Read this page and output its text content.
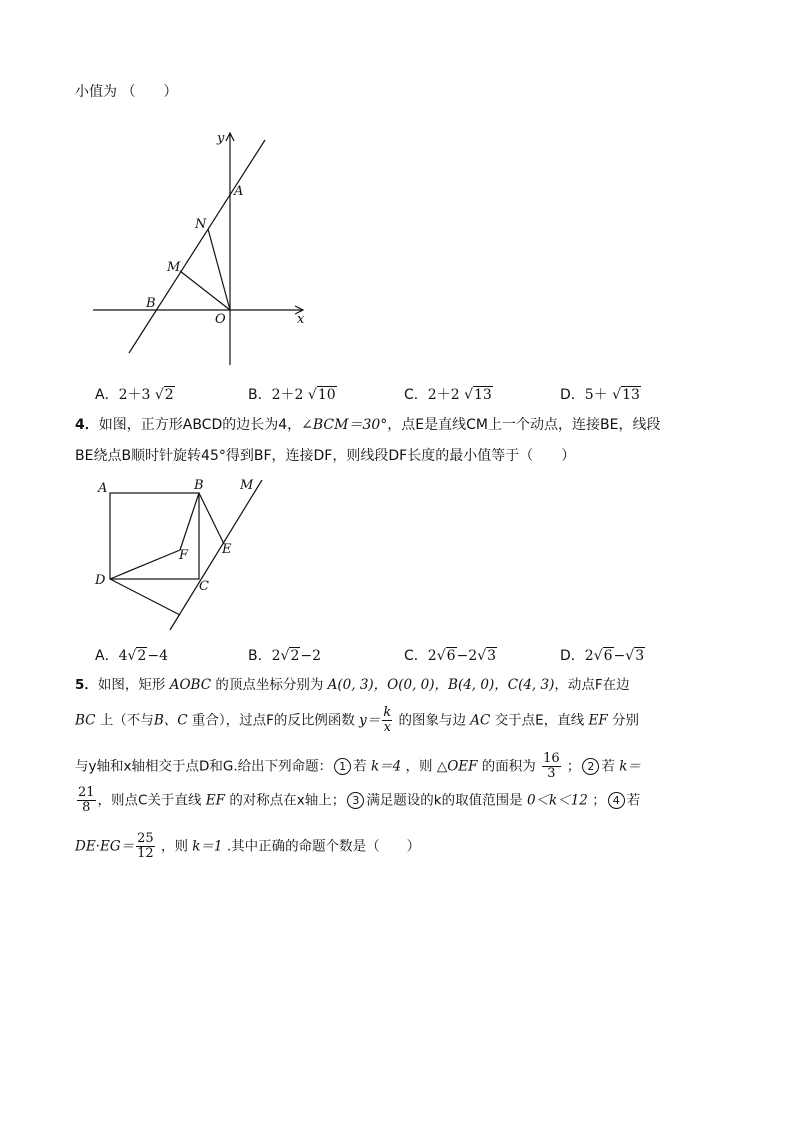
小值为 （　　）
y
x
A
N
M
B
O
A．2＋3 √2	B．2＋2 √10	C．2＋2 √13	D．5＋ √13
4．如图，正方形ABCD的边长为4，∠BCM＝30°，点E是直线CM上一个动点，连接BE，线段
BE绕点B顺时针旋转45°得到BF，连接DF，则线段DF长度的最小值等于（　　）
A	B	M
F	E
D	C
A．4√2−4	B．2√2−2	C．2√6−2√3	D．2√6−√3
5．如图，矩形 AOBC 的顶点坐标分别为 A(0, 3)，O(0, 0)，B(4, 0)，C(4, 3)，动点F在边
BC 上（不与B、C 重合），过点F的反比例函数 $y= \frac{k}{x}$ 的图象与边 AC 交于点E，直线 EF 分别
与y轴和x轴相交于点D和G.给出下列命题： 1 若 k＝4 ，则 △OEF 的面积为 $\frac{16}{3}$ ； 2 若 k＝
$\frac{21}{8}$ ，则点C关于直线 EF 的对称点在x轴上； 3 满足题设的k的取值范围是 0＜k＜12 ； 4 若
$DE\cdot EG= \frac{25}{12}$ ，则 k＝1 .其中正确的命题个数是（　　）
